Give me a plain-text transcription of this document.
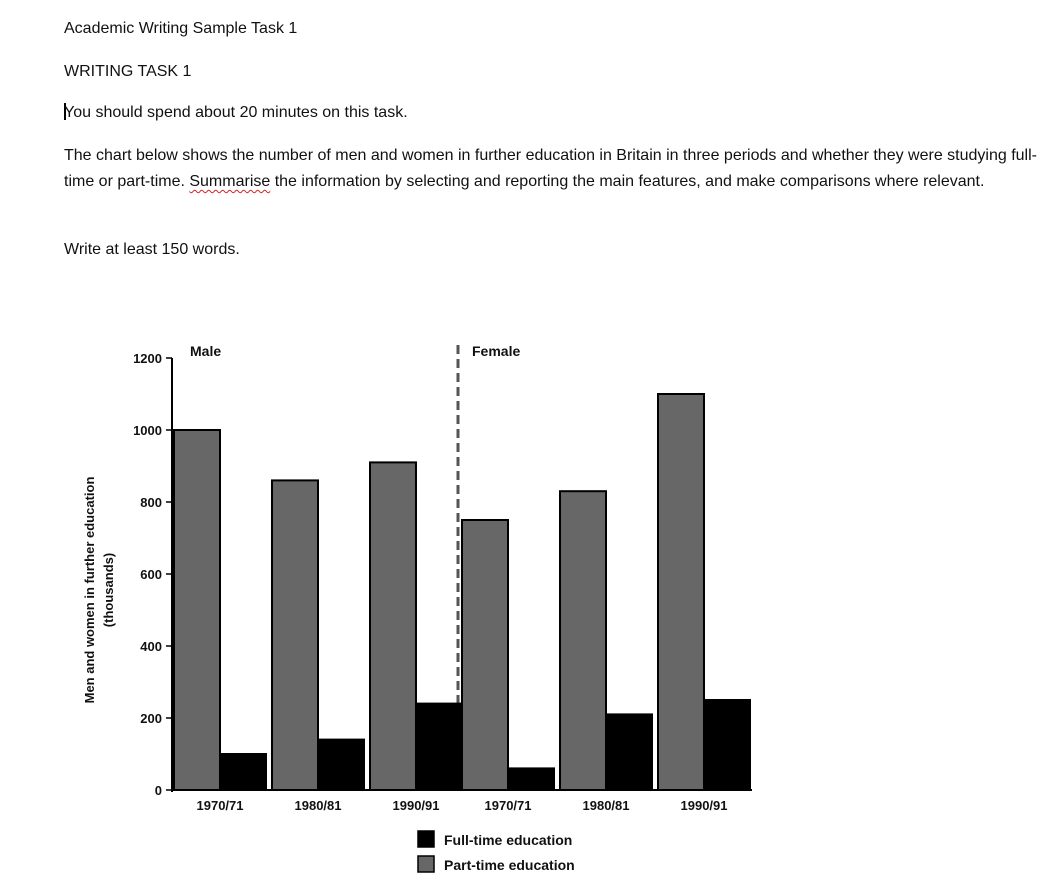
Academic Writing Sample Task 1

WRITING TASK 1

You should spend about 20 minutes on this task.

The chart below shows the number of men and women in further education in Britain in three periods and whether they were studying full-time or part-time. Summarise the information by selecting and reporting the main features, and make comparisons where relevant.

Write at least 150 words.

0
200
400
600
800
1000
1200
Men and women in further education (thousands)
Male
1970/71	1980/81	1990/91
Female
1970/71	1980/81	1990/91
Full-time education
Part-time education
